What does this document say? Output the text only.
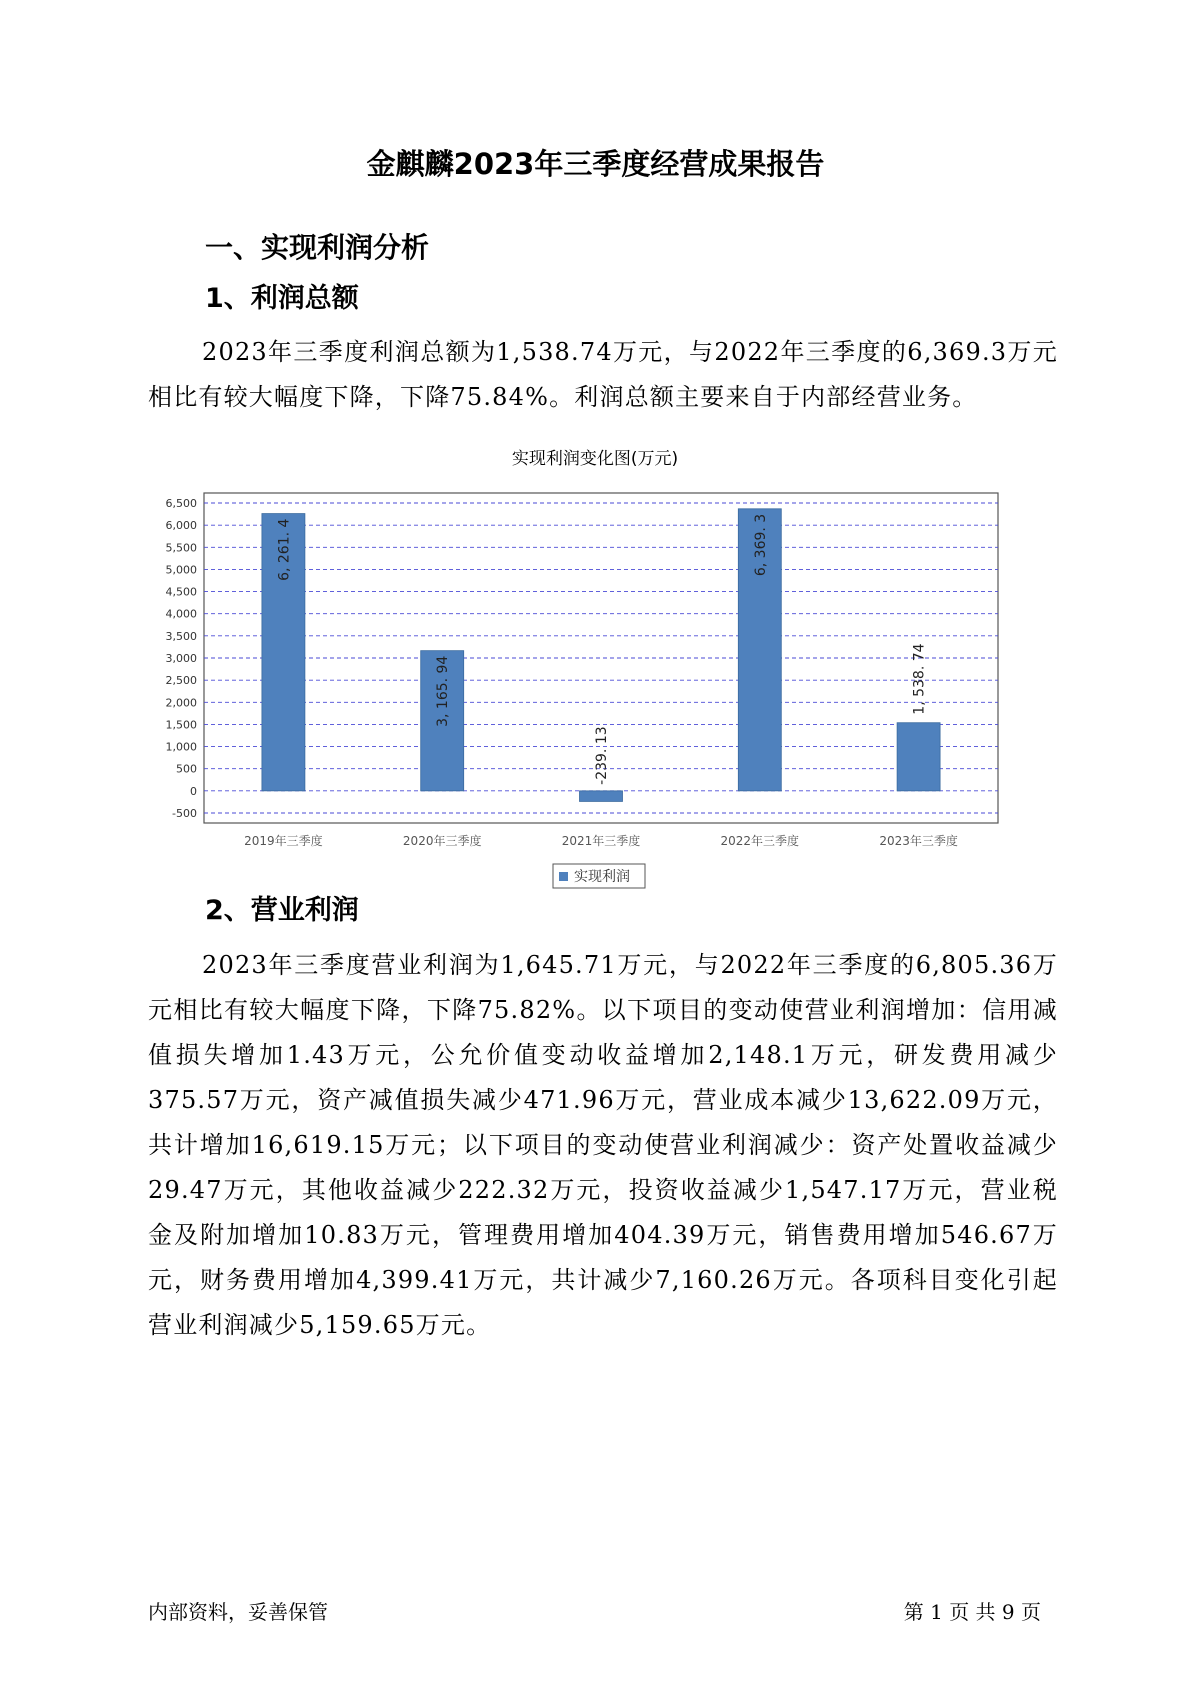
金麒麟2023年三季度经营成果报告
一、实现利润分析
1、利润总额

2023年三季度利润总额为1,538.74万元，与2022年三季度的6,369.3万元相比有较大幅度下降，下降75.84%。利润总额主要来自于内部经营业务。

实现利润变化图(万元)
6,500
6,000
5,500
5,000
4,500
4,000
3,500
3,000
2,500
2,000
1,500
1,000
500
0
-500
6, 261. 4
3, 165. 94
-239. 13
6, 369. 3
1, 538. 74
2019年三季度	2020年三季度	2021年三季度	2022年三季度	2023年三季度
实现利润
2、营业利润

2023年三季度营业利润为1,645.71万元，与2022年三季度的6,805.36万元相比有较大幅度下降，下降75.82%。以下项目的变动使营业利润增加：信用减值损失增加1.43万元，公允价值变动收益增加2,148.1万元，研发费用减少375.57万元，资产减值损失减少471.96万元，营业成本减少13,622.09万元，共计增加16,619.15万元；以下项目的变动使营业利润减少：资产处置收益减少29.47万元，其他收益减少222.32万元，投资收益减少1,547.17万元，营业税金及附加增加10.83万元，管理费用增加404.39万元，销售费用增加546.67万元，财务费用增加4,399.41万元，共计减少7,160.26万元。各项科目变化引起营业利润减少5,159.65万元。

内部资料，妥善保管	第 1 页 共 9 页
